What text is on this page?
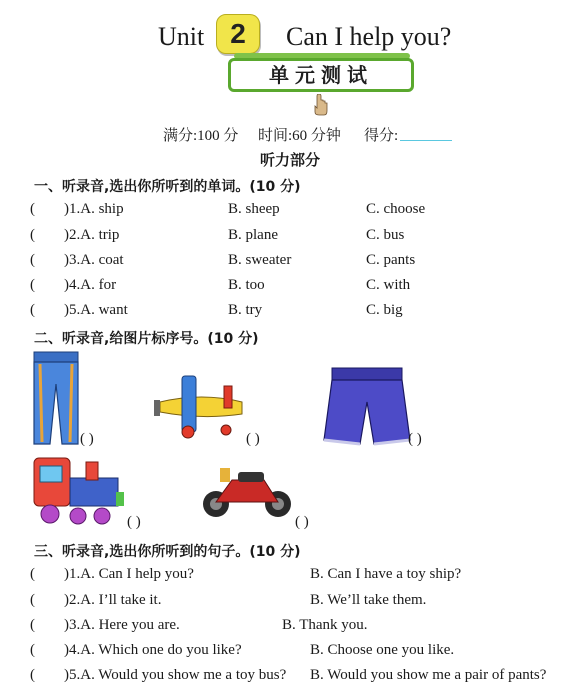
Unit 2	Can I help you?
单元测试
满分:100 分 时间:60 分钟 得分:
听力部分
一、听录音,选出你所听到的单词。(10 分)
( )1.A. ship	B. sheep	C. choose
( )2.A. trip	B. plane	C. bus
( )3.A. coat	B. sweater	C. pants
( )4.A. for	B. too	C. with
( )5.A. want	B. try	C. big
二、听录音,给图片标序号。(10 分)
( )	( )	( )
( )	( )
三、听录音,选出你所听到的句子。(10 分)
( )1.A. Can I help you?	B. Can I have a toy ship?
( )2.A. I’ll take it.	B. We’ll take them.
( )3.A. Here you are.	B. Thank you.
( )4.A. Which one do you like?	B. Choose one you like.
( )5.A. Would you show me a toy bus? B. Would you show me a pair of pants?
